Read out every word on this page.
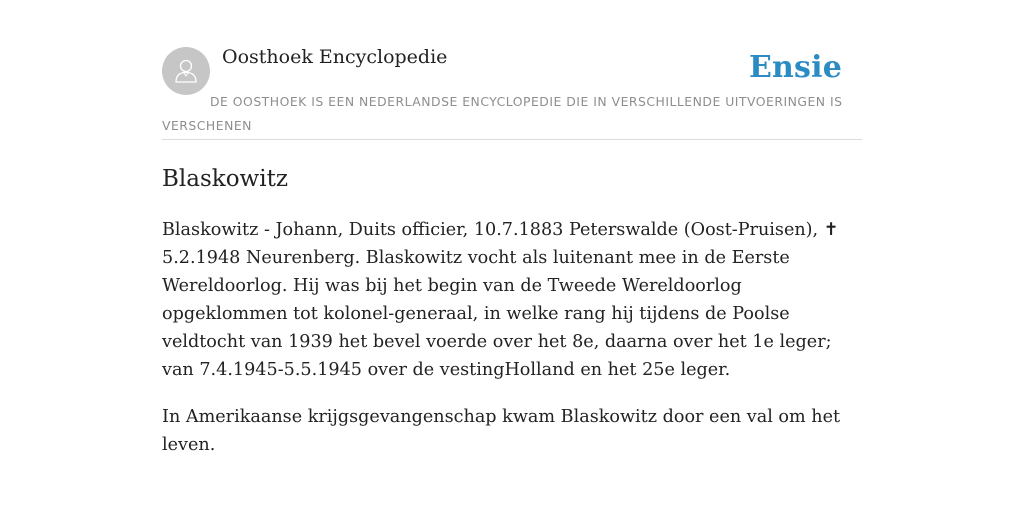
Oosthoek Encyclopedie	Ensie
DE OOSTHOEK IS EEN NEDERLANDSE ENCYCLOPEDIE DIE IN VERSCHILLENDE UITVOERINGEN IS VERSCHENEN
Blaskowitz

Blaskowitz - Johann, Duits officier, 10.7.1883 Peterswalde (Oost-Pruisen), ✝ 5.2.1948 Neurenberg. Blaskowitz vocht als luitenant mee in de Eerste Wereldoorlog. Hij was bij het begin van de Tweede Wereldoorlog opgeklommen tot kolonel-generaal, in welke rang hij tijdens de Poolse veldtocht van 1939 het bevel voerde over het 8e, daarna over het 1e leger; van 7.4.1945-5.5.1945 over de vestingHolland en het 25e leger.

In Amerikaanse krijgsgevangenschap kwam Blaskowitz door een val om het leven.
